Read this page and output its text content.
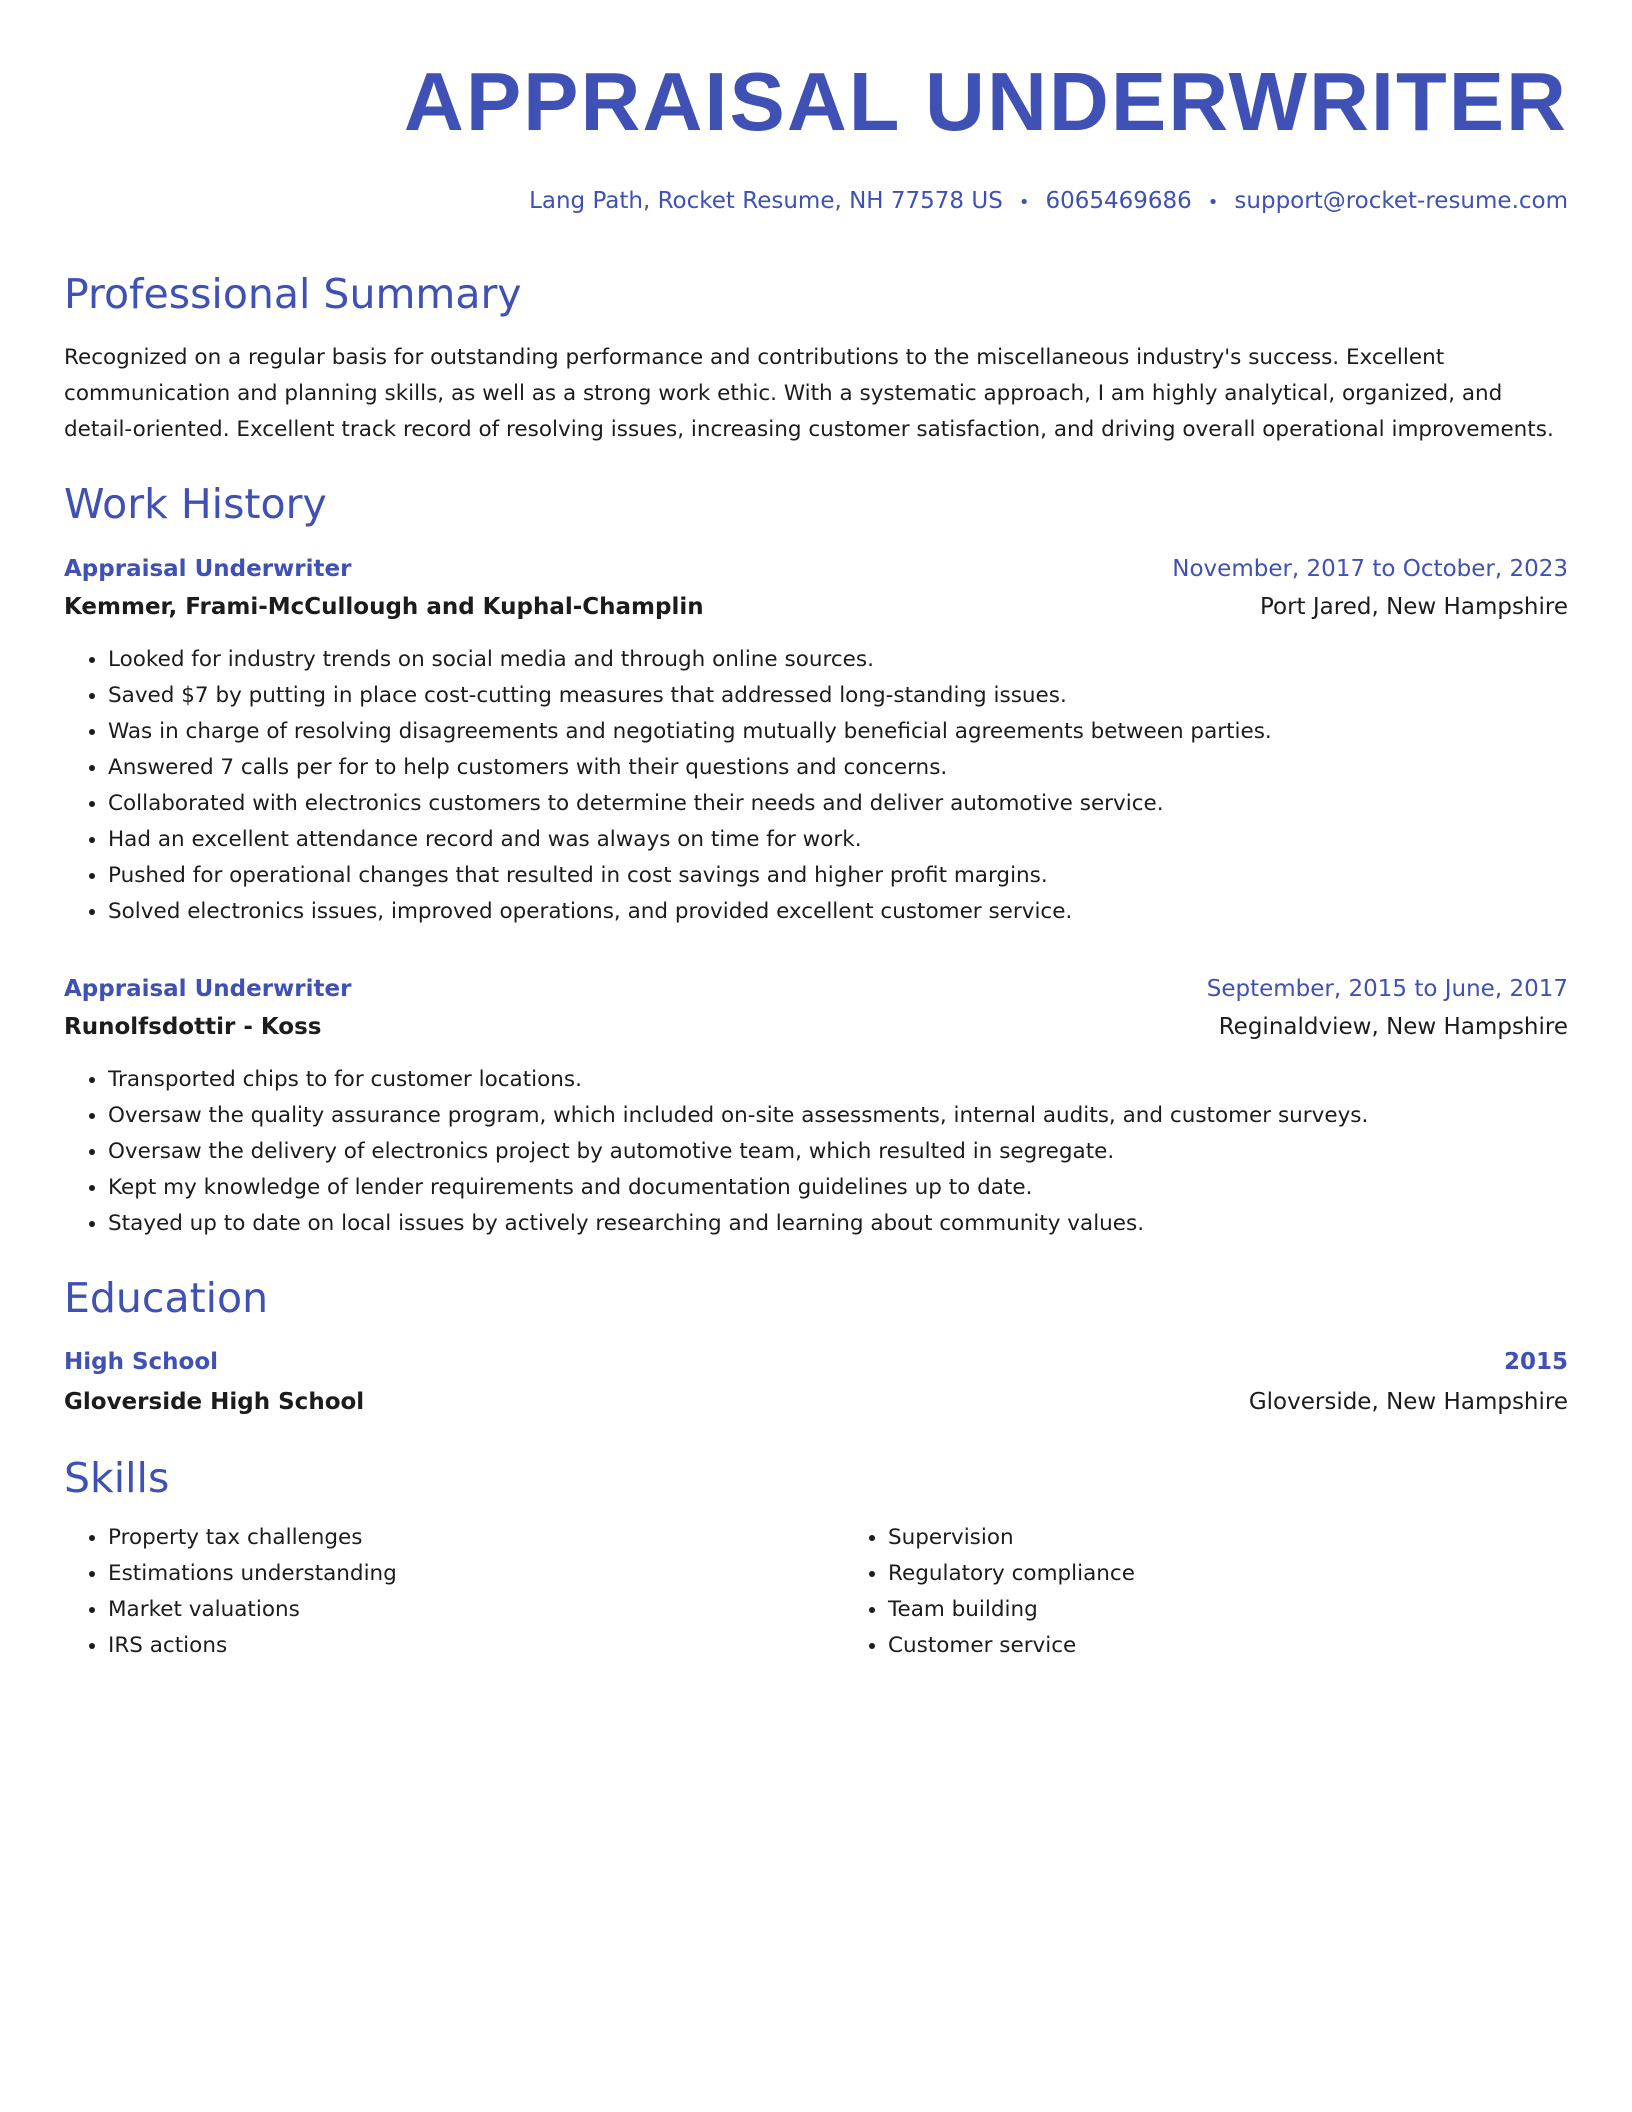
APPRAISAL UNDERWRITER
Lang Path, Rocket Resume, NH 77578 US • 6065469686 • support@rocket-resume.com
Professional Summary
Recognized on a regular basis for outstanding performance and contributions to the miscellaneous industry's success. Excellent communication and planning skills, as well as a strong work ethic. With a systematic approach, I am highly analytical, organized, and detail-oriented. Excellent track record of resolving issues, increasing customer satisfaction, and driving overall operational improvements.
Work History
Appraisal Underwriter	November, 2017 to October, 2023
Kemmer, Frami-McCullough and Kuphal-Champlin	Port Jared, New Hampshire
• Looked for industry trends on social media and through online sources.
• Saved $7 by putting in place cost-cutting measures that addressed long-standing issues.
• Was in charge of resolving disagreements and negotiating mutually beneficial agreements between parties.
• Answered 7 calls per for to help customers with their questions and concerns.
• Collaborated with electronics customers to determine their needs and deliver automotive service.
• Had an excellent attendance record and was always on time for work.
• Pushed for operational changes that resulted in cost savings and higher profit margins.
• Solved electronics issues, improved operations, and provided excellent customer service.
Appraisal Underwriter	September, 2015 to June, 2017
Runolfsdottir - Koss	Reginaldview, New Hampshire
• Transported chips to for customer locations.
• Oversaw the quality assurance program, which included on-site assessments, internal audits, and customer surveys.
• Oversaw the delivery of electronics project by automotive team, which resulted in segregate.
• Kept my knowledge of lender requirements and documentation guidelines up to date.
• Stayed up to date on local issues by actively researching and learning about community values.
Education
High School	2015
Gloverside High School	Gloverside, New Hampshire
Skills
• Property tax challenges
• Estimations understanding
• Market valuations
• IRS actions
• Supervision
• Regulatory compliance
• Team building
• Customer service
